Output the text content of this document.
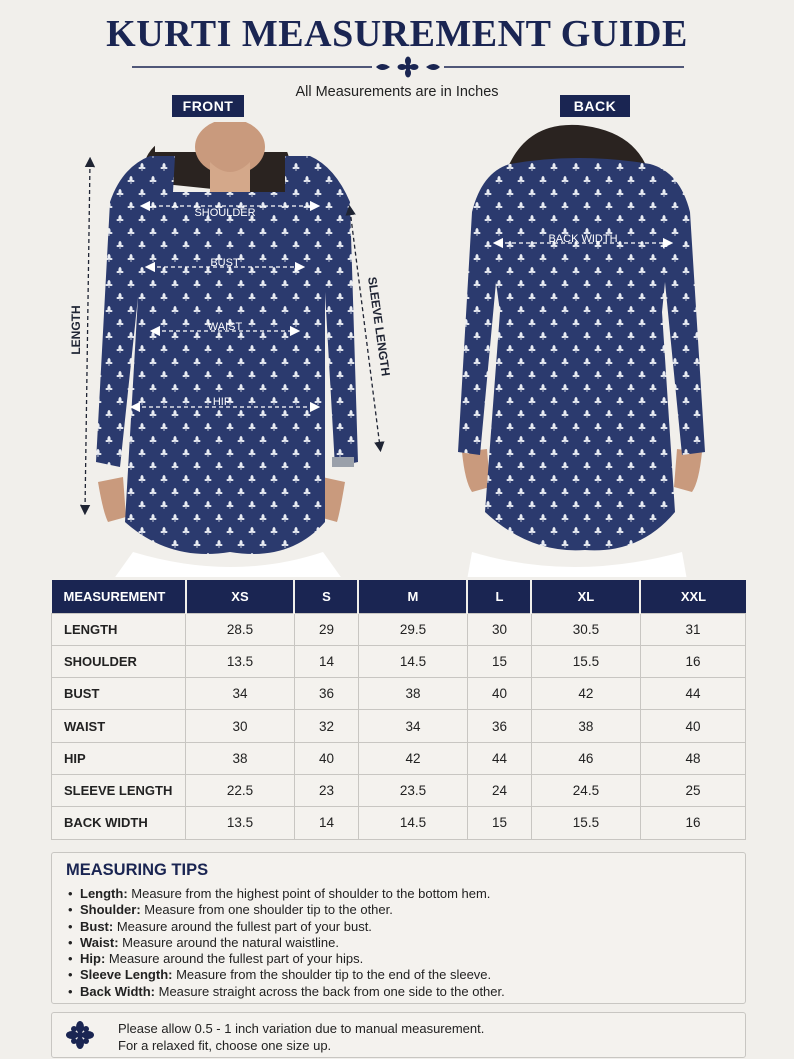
KURTI MEASUREMENT GUIDE
All Measurements are in Inches
FRONT	BACK
SHOULDER
BUST
WAIST
HIP
LENGTH	SLEEVE LENGTH
BACK WIDTH
MEASUREMENT	XS	S	M	L	XL	XXL
LENGTH	28.5	29	29.5	30	30.5	31
SHOULDER	13.5	14	14.5	15	15.5	16
BUST	34	36	38	40	42	44
WAIST	30	32	34	36	38	40
HIP	38	40	42	44	46	48
SLEEVE LENGTH	22.5	23	23.5	24	24.5	25
BACK WIDTH	13.5	14	14.5	15	15.5	16
MEASURING TIPS
• Length: Measure from the highest point of shoulder to the bottom hem.
• Shoulder: Measure from one shoulder tip to the other.
• Bust: Measure around the fullest part of your bust.
• Waist: Measure around the natural waistline.
• Hip: Measure around the fullest part of your hips.
• Sleeve Length: Measure from the shoulder tip to the end of the sleeve.
• Back Width: Measure straight across the back from one side to the other.
Please allow 0.5 - 1 inch variation due to manual measurement.
For a relaxed fit, choose one size up.
